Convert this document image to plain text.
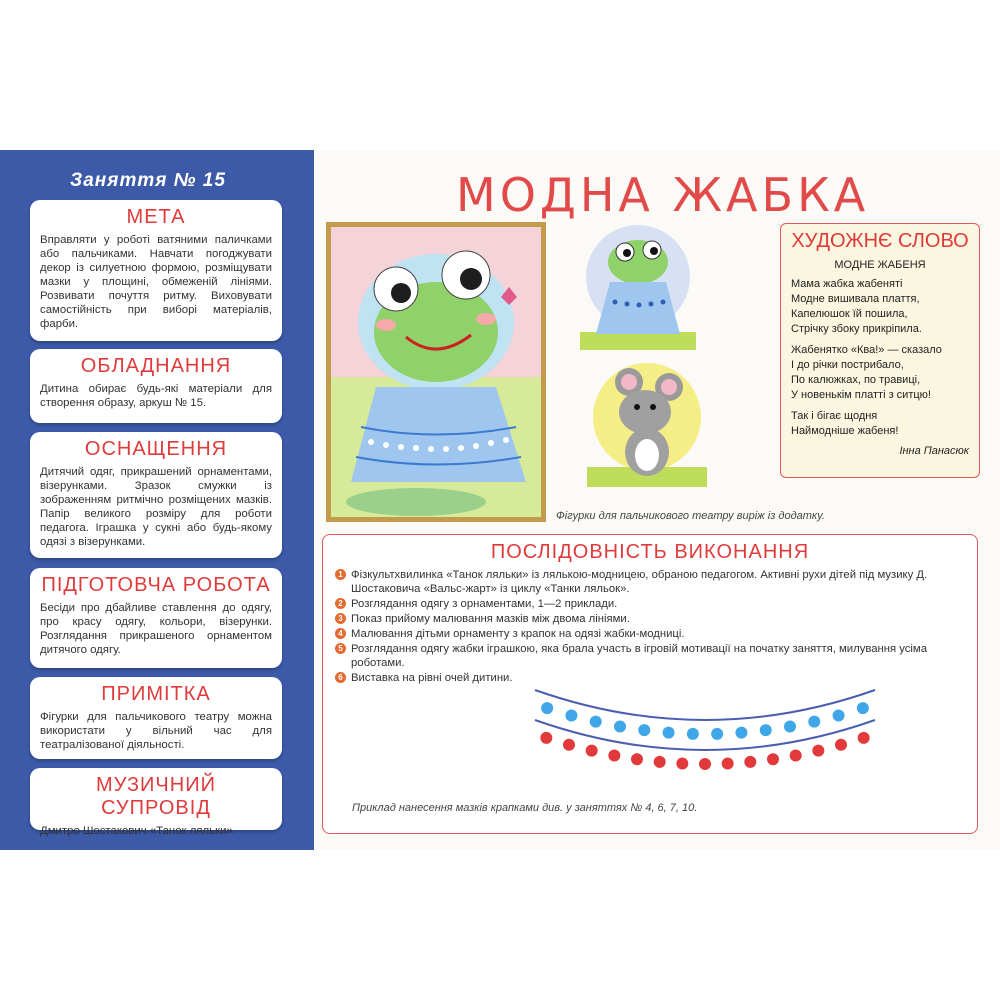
Заняття № 15
МЕТА

Вправляти у роботі ватяними паличками або пальчиками. Навчати погоджувати декор із силуетною формою, розміщувати мазки у площині, обмеженій лініями. Розвивати почуття ритму. Виховувати самостійність при виборі матеріалів, фарби.

ОБЛАДНАННЯ

Дитина обирає будь-які матеріали для створення образу, аркуш № 15.

ОСНАЩЕННЯ

Дитячий одяг, прикрашений орнаментами, візерунками. Зразок смужки із зображенням ритмічно розміщених мазків. Папір великого розміру для роботи педагога. Іграшка у сукні або будь-якому одязі з візерунками.

ПІДГОТОВЧА РОБОТА

Бесіди про дбайливе ставлення до одягу, про красу одягу, кольори, візерунки. Розглядання прикрашеного орнаментом дитячого одягу.

ПРИМІТКА

Фігурки для пальчикового театру можна використати у вільний час для театралізованої діяльності.

МУЗИЧНИЙ СУПРОВІД

Дмитро Шостакович «Танок ляльки».

МОДНА ЖАБКА
ХУДОЖНЄ СЛОВО
МОДНЕ ЖАБЕНЯ
Мама жабка жабеняті
Модне вишивала плаття,
Капелюшок їй пошила,
Стрічку збоку прикріпила.
Жабенятко «Ква!» — сказало
І до річки пострибало,
По калюжках, по травиці,
У новенькім платті з ситцю!
Так і бігає щодня
Наймодніше жабеня!
Інна Панасюк
Фігурки для пальчикового театру виріж із додатку.
ПОСЛІДОВНІСТЬ ВИКОНАННЯ
1 Фізкультхвилинка «Танок ляльки» із лялькою-модницею, обраною педагогом. Активні рухи дітей під музику Д. Шостаковича «Вальс-жарт» із циклу «Танки ляльок».
2 Розглядання одягу з орнаментами, 1—2 приклади.
3 Показ прийому малювання мазків між двома лініями.
4 Малювання дітьми орнаменту з крапок на одязі жабки-модниці.
5 Розглядання одягу жабки іграшкою, яка брала участь в ігровій мотивації на початку заняття, милування усіма роботами.
6 Виставка на рівні очей дитини.
Приклад нанесення мазків крапками див. у заняттях № 4, 6, 7, 10.
